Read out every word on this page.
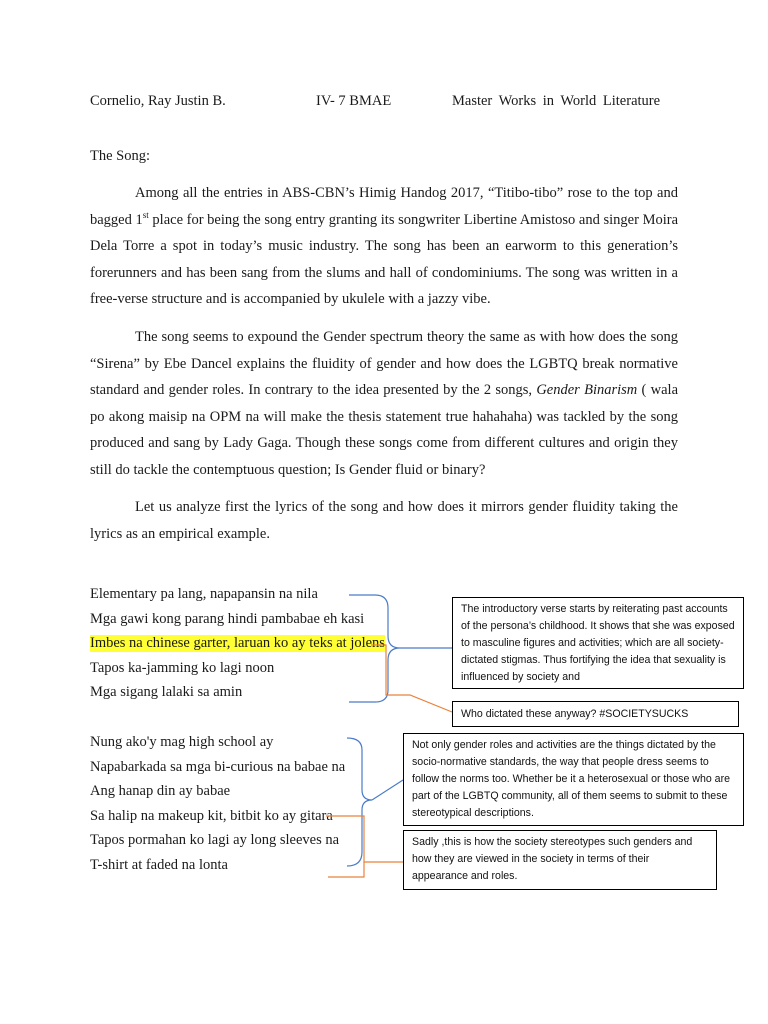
Cornelio, Ray Justin B.	IV- 7 BMAE	Master Works in World Literature
The Song:
Among all the entries in ABS-CBN’s Himig Handog 2017, “Titibo-tibo” rose to the top and bagged 1st place for being the song entry granting its songwriter Libertine Amistoso and singer Moira Dela Torre a spot in today’s music industry. The song has been an earworm to this generation’s forerunners and has been sang from the slums and hall of condominiums. The song was written in a free-verse structure and is accompanied by ukulele with a jazzy vibe.
The song seems to expound the Gender spectrum theory the same as with how does the song “Sirena” by Ebe Dancel explains the fluidity of gender and how does the LGBTQ break normative standard and gender roles. In contrary to the idea presented by the 2 songs, Gender Binarism ( wala po akong maisip na OPM na will make the thesis statement true hahahaha) was tackled by the song produced and sang by Lady Gaga. Though these songs come from different cultures and origin they still do tackle the contemptuous question; Is Gender fluid or binary?
Let us analyze first the lyrics of the song and how does it mirrors gender fluidity taking the lyrics as an empirical example.
Elementary pa lang, napapansin na nila
Mga gawi kong parang hindi pambabae eh kasi
Imbes na chinese garter, laruan ko ay teks at jolens
Tapos ka-jamming ko lagi noon
Mga sigang lalaki sa amin
Nung ako'y mag high school ay
Napabarkada sa mga bi-curious na babae na
Ang hanap din ay babae
Sa halip na makeup kit, bitbit ko ay gitara
Tapos pormahan ko lagi ay long sleeves na
T-shirt at faded na lonta
The introductory verse starts by reiterating past accounts of the persona’s childhood. It shows that she was exposed to masculine figures and activities; which are all society-dictated stigmas. Thus fortifying the idea that sexuality is influenced by society and
Who dictated these anyway? #SOCIETYSUCKS
Not only gender roles and activities are the things dictated by the socio-normative standards, the way that people dress seems to follow the norms too. Whether be it a heterosexual or those who are part of the LGBTQ community, all of them seems to submit to these stereotypical descriptions.
Sadly ,this is how the society stereotypes such genders and how they are viewed in the society in terms of their appearance and roles.
